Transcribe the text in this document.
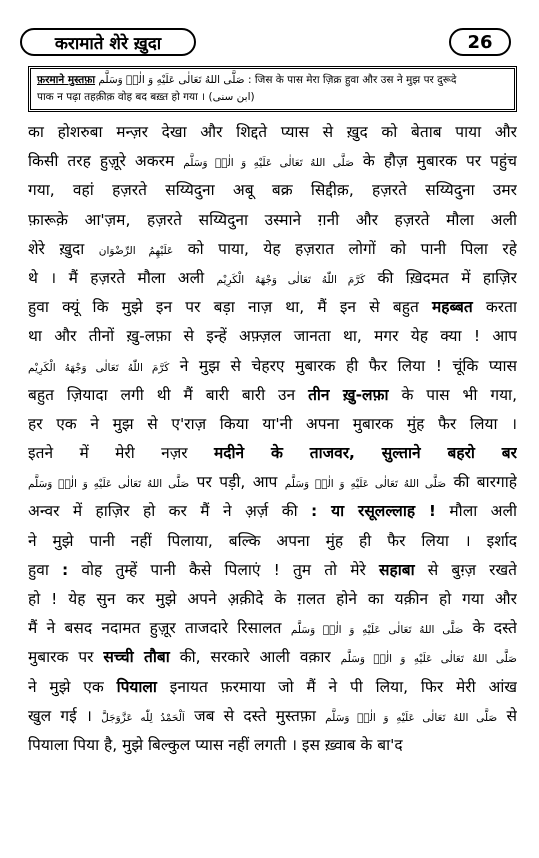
करामाते शेरे ख़ुदा	26
फ़रमाने मुस्तफ़ा صَلَّى اللهُ تَعَالٰى عَلَيْهِ وَ الٰهٖ وَسَلَّم : जिस के पास मेरा ज़िक्र हुवा और उस ने मुझ पर दुरूदे
पाक न पढ़ा तहक़ीक़ वोह बद बख़्त हो गया । (ابن سنی)
का होशरुबा मन्ज़र देखा और शिद्दते प्यास से ख़ुद को बेताब पाया और
किसी तरह हुज़ूरे अकरम صَلَّى اللهُ تَعَالٰى عَلَيْهِ وَ الٰهٖ وَسَلَّم के हौज़ मुबारक पर पहुंच
गया, वहां हज़रते सय्यिदुना अबू बक्र सिद्दीक़, हज़रते सय्यिदुना उमर
फ़ारूक़े आ'ज़म, हज़रते सय्यिदुना उस्माने ग़नी और हज़रते मौला अली
शेरे ख़ुदा عَلَيْهِمُ الرِّضْوَان को पाया, येह हज़रात लोगों को पानी पिला रहे
थे । मैं हज़रते मौला अली كَرَّمَ اللّٰهُ تَعَالٰى وَجْهَهُ الْكَرِيْم की ख़िदमत में हाज़िर
हुवा क्यूं कि मुझे इन पर बड़ा नाज़ था, मैं इन से बहुत महब्बत करता
था और तीनों ख़ु-लफ़ा से इन्हें अफ़्ज़ल जानता था, मगर येह क्या ! आप
كَرَّمَ اللّٰهُ تَعَالٰى وَجْهَهُ الْكَرِيْم ने मुझ से चेहरए मुबारक ही फैर लिया ! चूंकि प्यास
बहुत ज़ियादा लगी थी मैं बारी बारी उन तीन ख़ु-लफ़ा के पास भी गया,
हर एक ने मुझ से ए'राज़ किया या'नी अपना मुबारक मुंह फैर लिया ।
इतने में मेरी नज़र मदीने के ताजवर, सुल्ताने बहरो बर
صَلَّى اللهُ تَعَالٰى عَلَيْهِ وَ الٰهٖ وَسَلَّم पर पड़ी, आप صَلَّى اللهُ تَعَالٰى عَلَيْهِ وَ الٰهٖ وَسَلَّم की बारगाहे
अन्वर में हाज़िर हो कर मैं ने अ़र्ज़ की : या रसूलल्लाह ! मौला अली
ने मुझे पानी नहीं पिलाया, बल्कि अपना मुंह ही फैर लिया । इर्शाद
हुवा : वोह तुम्हें पानी कैसे पिलाएं ! तुम तो मेरे सहाबा से बुग़्ज़ रखते
हो ! येह सुन कर मुझे अपने अ़क़ीदे के ग़लत होने का यक़ीन हो गया और
मैं ने बसद नदामत हुज़ूर ताजदारे रिसालत صَلَّى اللهُ تَعَالٰى عَلَيْهِ وَ الٰهٖ وَسَلَّم के दस्ते
मुबारक पर सच्ची तौबा की, सरकारे आली वक़ार صَلَّى اللهُ تَعَالٰى عَلَيْهِ وَ الٰهٖ وَسَلَّم
ने मुझे एक पियाला इनायत फ़रमाया जो मैं ने पी लिया, फिर मेरी आंख
खुल गई । اَلْحَمْدُ لِلّٰه عَزَّوَجَلَّ जब से दस्ते मुस्तफ़ा صَلَّى اللهُ تَعَالٰى عَلَيْهِ وَ الٰهٖ وَسَلَّم से
पियाला पिया है, मुझे बिल्कुल प्यास नहीं लगती । इस ख़्वाब के बा'द
